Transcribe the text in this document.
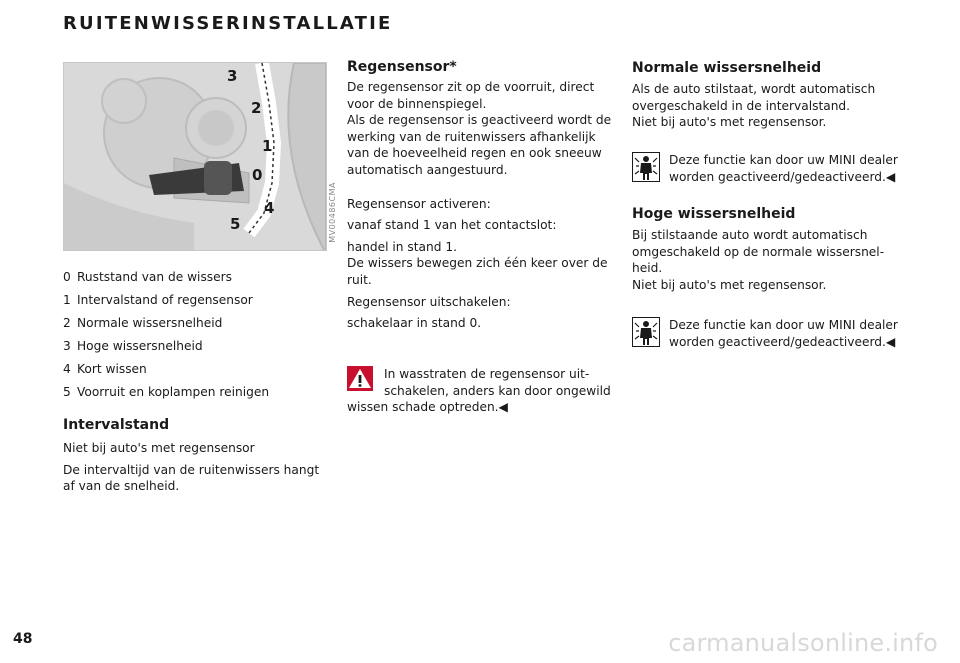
RUITENWISSERINSTALLATIE
3
2
1
0
4
5	MV00486CMA
0 Ruststand van de wissers
1 Intervalstand of regensensor
2 Normale wissersnelheid
3 Hoge wissersnelheid
4 Kort wissen
5 Voorruit en koplampen reinigen
Intervalstand

Niet bij auto's met regensensor

De intervaltijd van de ruitenwissers hangt

af van de snelheid.

Regensensor*

De regensensor zit op de voorruit, direct

voor de binnenspiegel.

Als de regensensor is geactiveerd wordt de

werking van de ruitenwissers afhankelijk

van de hoeveelheid regen en ook sneeuw

automatisch aangestuurd.

Regensensor activeren:

vanaf stand 1 van het contactslot:

handel in stand 1.

De wissers bewegen zich één keer over de

ruit.

Regensensor uitschakelen:

schakelaar in stand 0.

In wasstraten de regensensor uit-

schakelen, anders kan door ongewild

wissen schade optreden.◀

Normale wissersnelheid

Als de auto stilstaat, wordt automatisch

overgeschakeld in de intervalstand.

Niet bij auto's met regensensor.

Deze functie kan door uw MINI dealer

worden geactiveerd/gedeactiveerd.◀

Hoge wissersnelheid

Bij stilstaande auto wordt automatisch

omgeschakeld op de normale wissersnel-

heid.

Niet bij auto's met regensensor.

Deze functie kan door uw MINI dealer

worden geactiveerd/gedeactiveerd.◀

48	carmanualsonline.info
